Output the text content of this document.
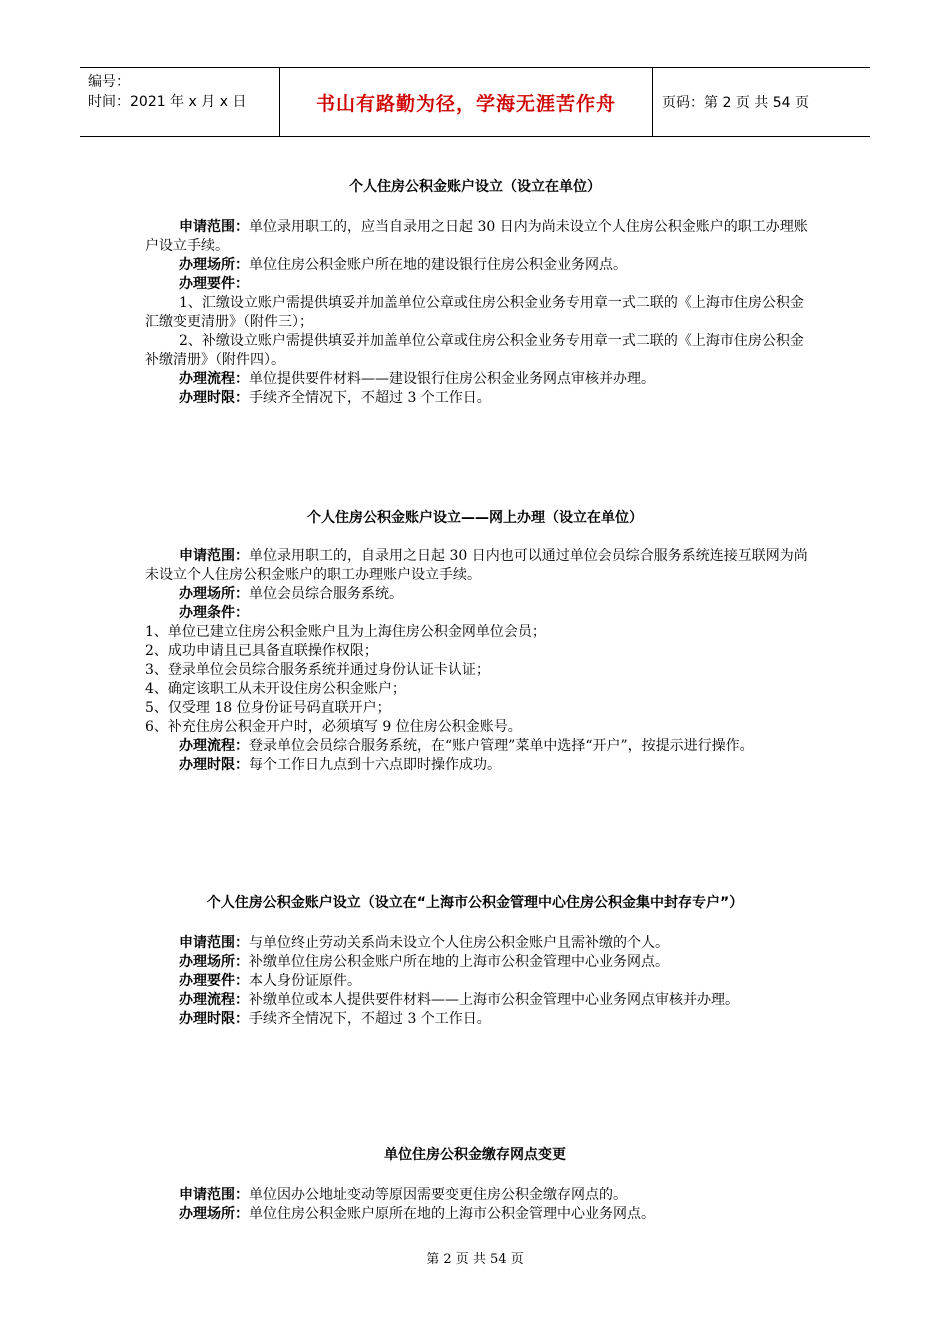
编号：
时间：2021 年 x 月 x 日	书山有路勤为径，学海无涯苦作舟	页码：第 2 页 共 54 页
个人住房公积金账户设立（设立在单位）

申请范围：单位录用职工的，应当自录用之日起 30 日内为尚未设立个人住房公积金账户的职工办理账户设立手续。

办理场所：单位住房公积金账户所在地的建设银行住房公积金业务网点。

办理要件：

1、汇缴设立账户需提供填妥并加盖单位公章或住房公积金业务专用章一式二联的《上海市住房公积金汇缴变更清册》（附件三）；

2、补缴设立账户需提供填妥并加盖单位公章或住房公积金业务专用章一式二联的《上海市住房公积金补缴清册》（附件四）。

办理流程：单位提供要件材料——建设银行住房公积金业务网点审核并办理。

办理时限：手续齐全情况下，不超过 3 个工作日。

个人住房公积金账户设立——网上办理（设立在单位）

申请范围：单位录用职工的，自录用之日起 30 日内也可以通过单位会员综合服务系统连接互联网为尚未设立个人住房公积金账户的职工办理账户设立手续。

办理场所：单位会员综合服务系统。

办理条件：

1、单位已建立住房公积金账户且为上海住房公积金网单位会员；

2、成功申请且已具备直联操作权限；

3、登录单位会员综合服务系统并通过身份认证卡认证；

4、确定该职工从未开设住房公积金账户；

5、仅受理 18 位身份证号码直联开户；

6、补充住房公积金开户时，必须填写 9 位住房公积金账号。

办理流程：登录单位会员综合服务系统，在“账户管理”菜单中选择“开户”，按提示进行操作。

办理时限：每个工作日九点到十六点即时操作成功。

个人住房公积金账户设立（设立在“上海市公积金管理中心住房公积金集中封存专户”）

申请范围：与单位终止劳动关系尚未设立个人住房公积金账户且需补缴的个人。

办理场所：补缴单位住房公积金账户所在地的上海市公积金管理中心业务网点。

办理要件：本人身份证原件。

办理流程：补缴单位或本人提供要件材料——上海市公积金管理中心业务网点审核并办理。

办理时限：手续齐全情况下，不超过 3 个工作日。

单位住房公积金缴存网点变更

申请范围：单位因办公地址变动等原因需要变更住房公积金缴存网点的。

办理场所：单位住房公积金账户原所在地的上海市公积金管理中心业务网点。

第 2 页 共 54 页
